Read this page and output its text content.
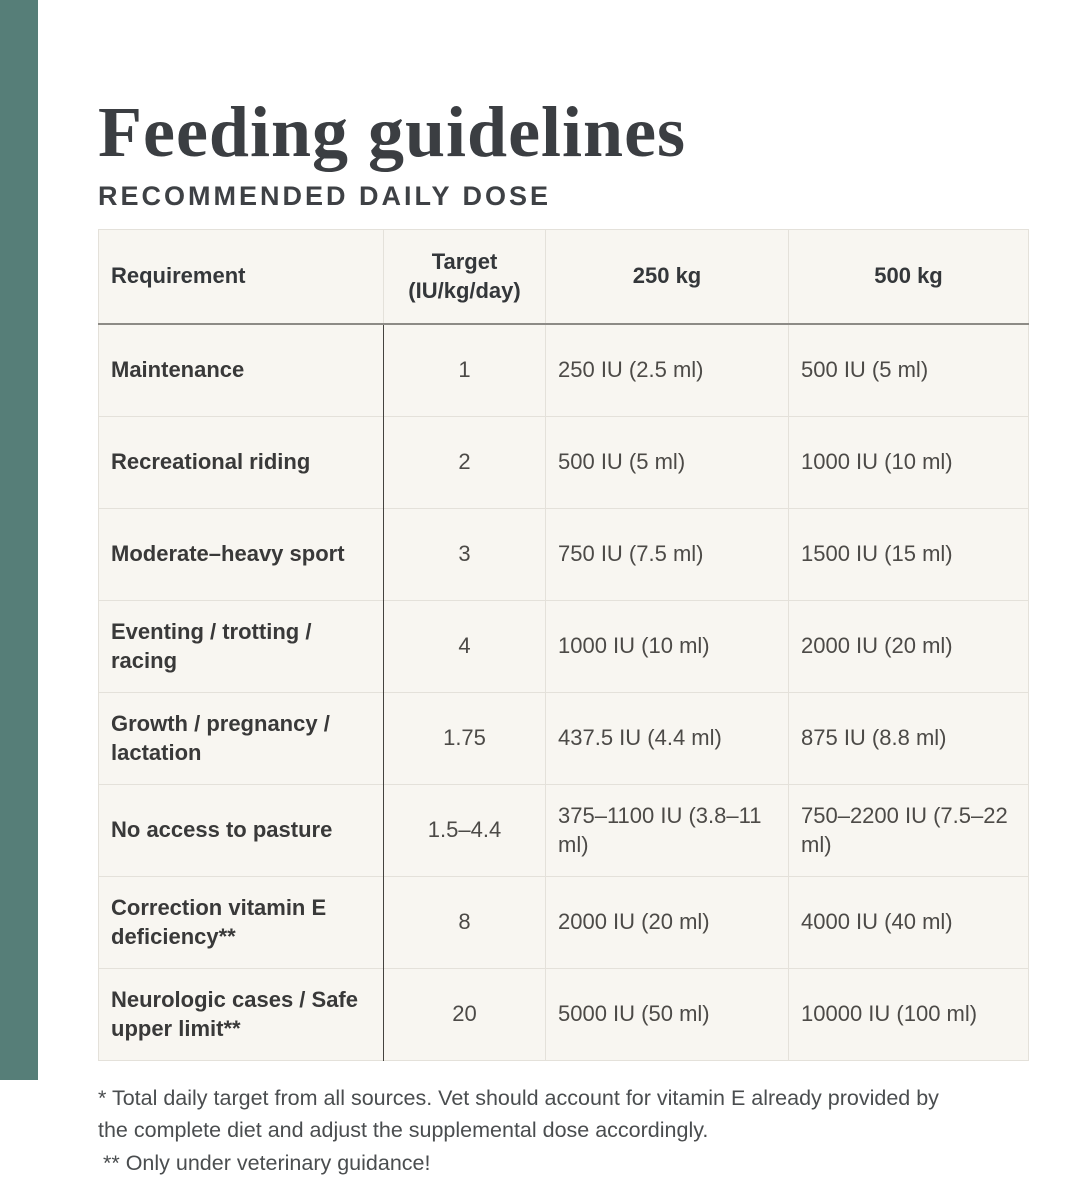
Feeding guidelines
RECOMMENDED DAILY DOSE
Requirement	Target (IU/kg/day)	250 kg	500 kg
Maintenance	1	250 IU (2.5 ml)	500 IU (5 ml)
Recreational riding	2	500 IU (5 ml)	1000 IU (10 ml)
Moderate–heavy sport	3	750 IU (7.5 ml)	1500 IU (15 ml)
Eventing / trotting / racing	4	1000 IU (10 ml)	2000 IU (20 ml)
Growth / pregnancy / lactation	1.75	437.5 IU (4.4 ml)	875 IU (8.8 ml)
No access to pasture	1.5–4.4	375–1100 IU (3.8–11 ml)	750–2200 IU (7.5–22 ml)
Correction vitamin E deficiency**	8	2000 IU (20 ml)	4000 IU (40 ml)
Neurologic cases / Safe upper limit**	20	5000 IU (50 ml)	10000 IU (100 ml)

* Total daily target from all sources. Vet should account for vitamin E already provided by the complete diet and adjust the supplemental dose accordingly.

** Only under veterinary guidance!
